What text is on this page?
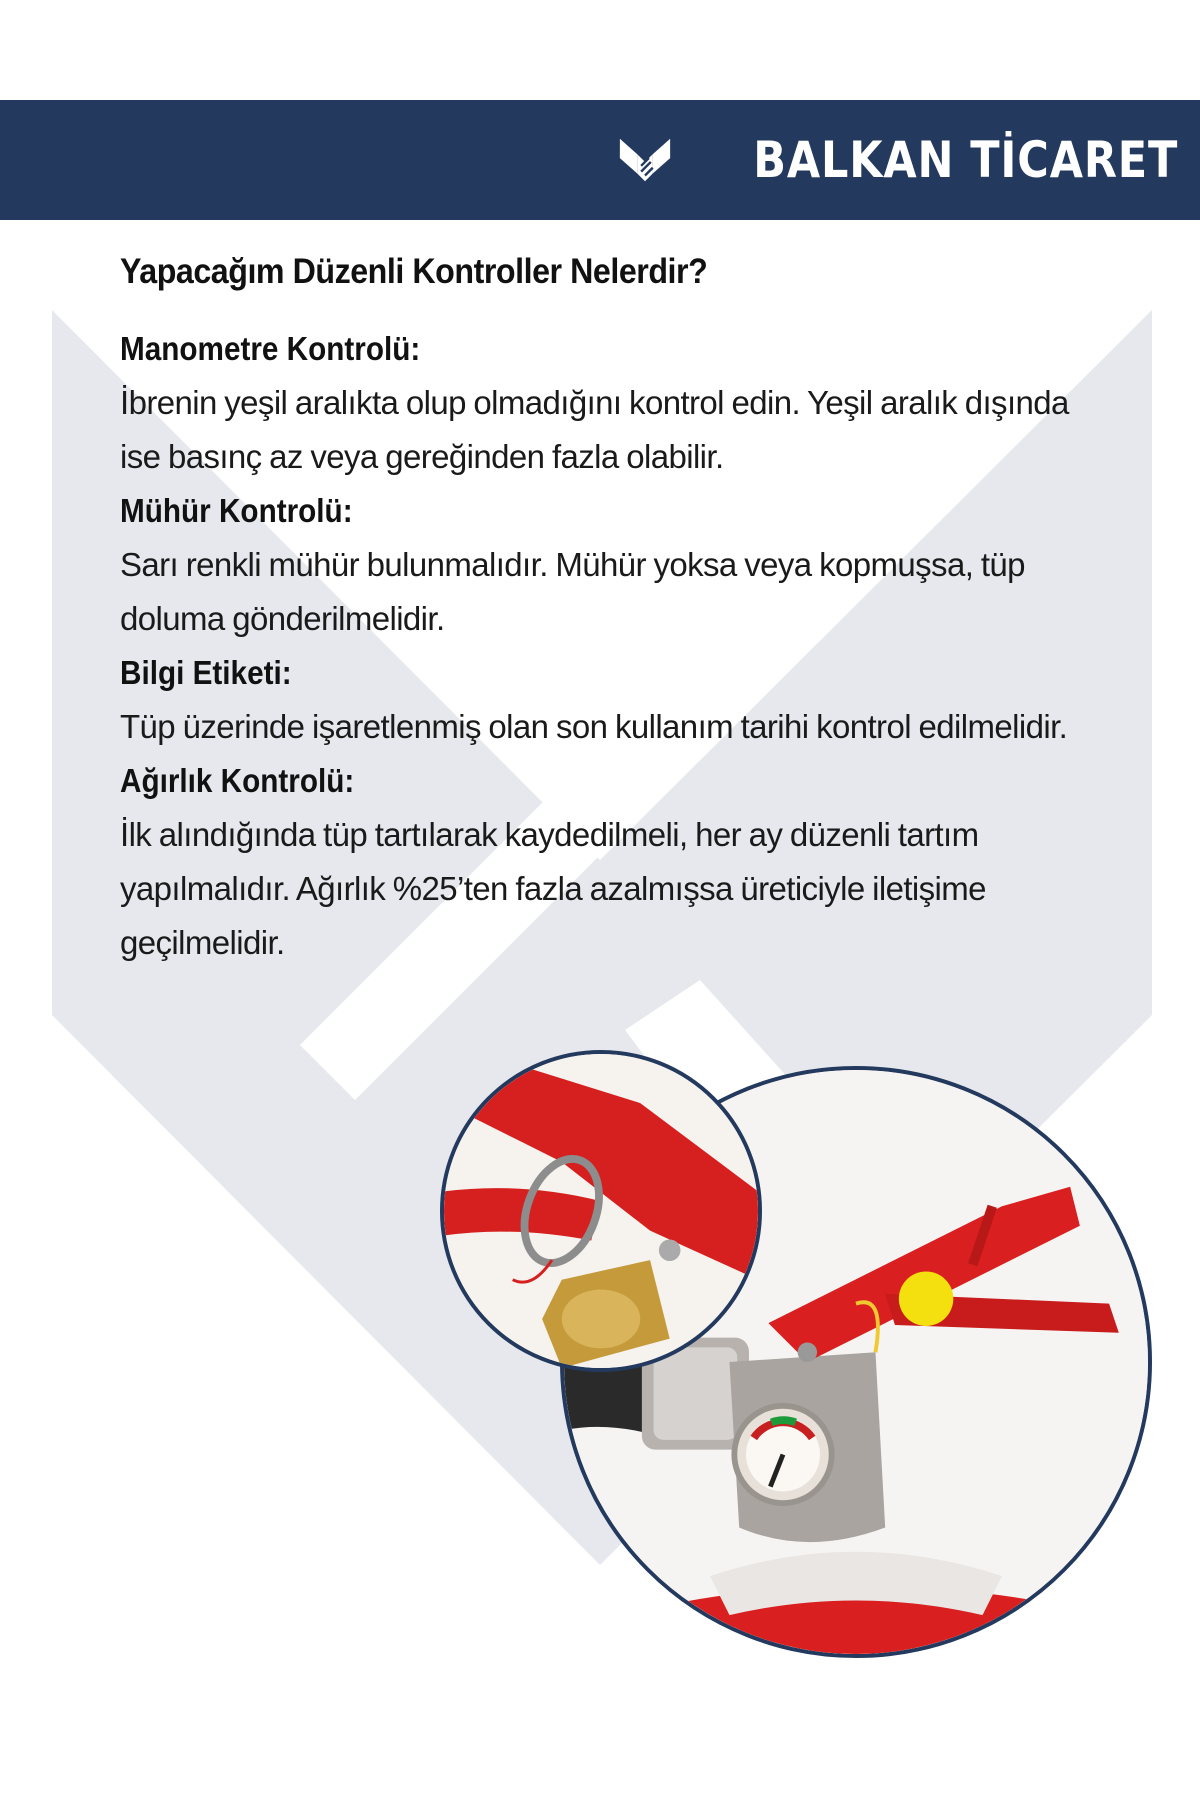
BALKAN TİCARET
Yapacağım Düzenli Kontroller Nelerdir?

Manometre Kontrolü:

İbrenin yeşil aralıkta olup olmadığını kontrol edin. Yeşil aralık dışında

ise basınç az veya gereğinden fazla olabilir.

Mühür Kontrolü:

Sarı renkli mühür bulunmalıdır. Mühür yoksa veya kopmuşsa, tüp

doluma gönderilmelidir.

Bilgi Etiketi:

Tüp üzerinde işaretlenmiş olan son kullanım tarihi kontrol edilmelidir.

Ağırlık Kontrolü:

İlk alındığında tüp tartılarak kaydedilmeli, her ay düzenli tartım

yapılmalıdır. Ağırlık %25’ten fazla azalmışsa üreticiyle iletişime

geçilmelidir.
